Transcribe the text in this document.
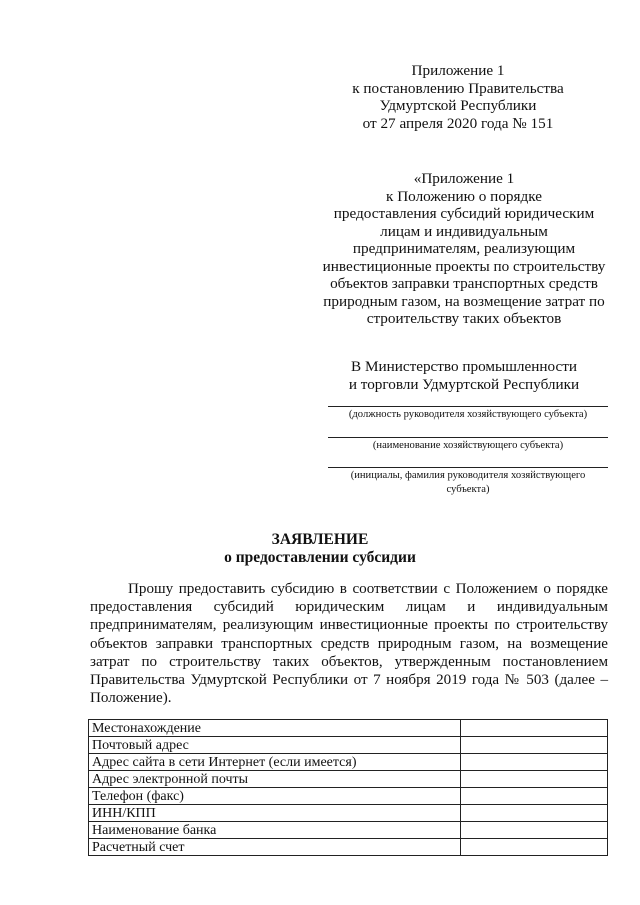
Приложение 1
к постановлению Правительства
Удмуртской Республики
от 27 апреля 2020 года № 151
«Приложение 1
к Положению о порядке
предоставления субсидий юридическим
лицам и индивидуальным
предпринимателям, реализующим
инвестиционные проекты по строительству
объектов заправки транспортных средств
природным газом, на возмещение затрат по
строительству таких объектов
В Министерство промышленности
и торговли Удмуртской Республики
(должность руководителя хозяйствующего субъекта)
(наименование хозяйствующего субъекта)
(инициалы, фамилия руководителя хозяйствующего
субъекта)
ЗАЯВЛЕНИЕ
о предоставлении субсидии
Прошу предоставить субсидию в соответствии с Положением о порядке
предоставления субсидий юридическим лицам и индивидуальным
предпринимателям, реализующим инвестиционные проекты по строительству
объектов заправки транспортных средств природным газом, на возмещение
затрат по строительству таких объектов, утвержденным постановлением
Правительства Удмуртской Республики от 7 ноября 2019 года № 503 (далее –
Положение).
Местонахождение	
Почтовый адрес	
Адрес сайта в сети Интернет (если имеется)	
Адрес электронной почты	
Телефон (факс)	
ИНН/КПП	
Наименование банка	
Расчетный счет	
